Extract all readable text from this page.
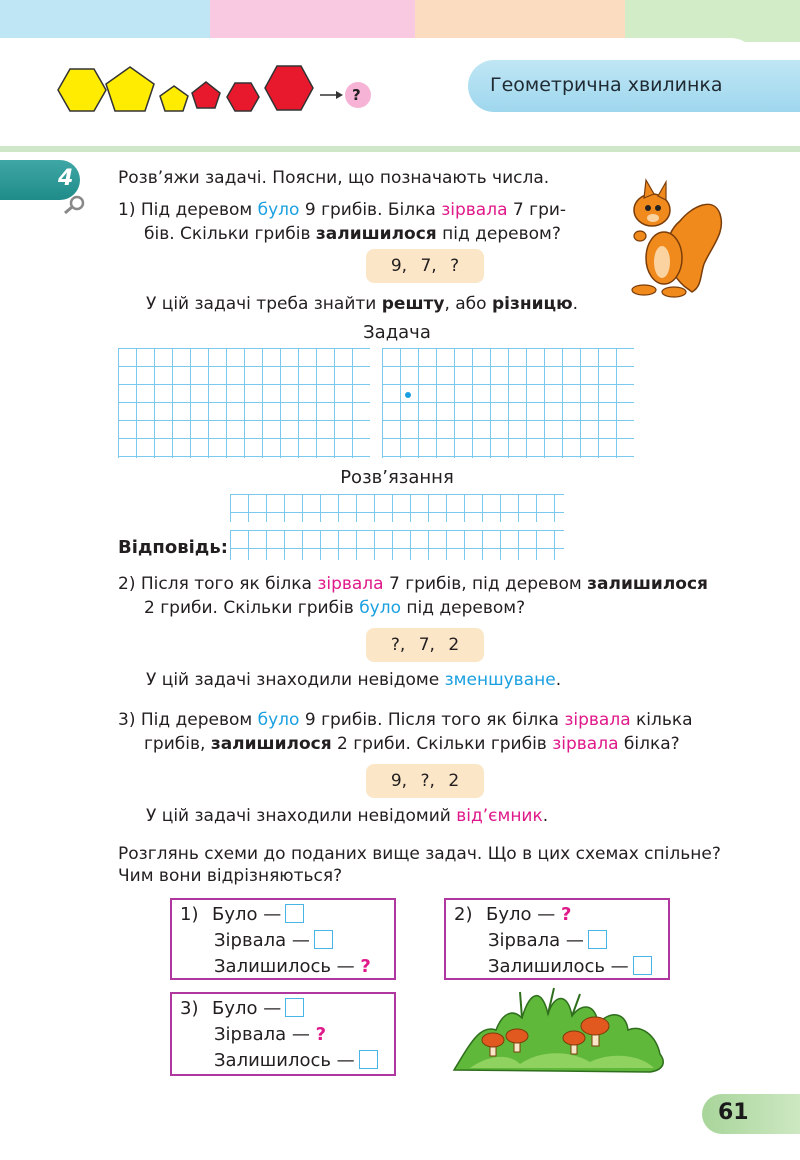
?	Геометрична хвилинка
4	Розв’яжи задачі. Поясни, що позначають числа.
1) Під деревом було 9 грибів. Білка зірвала 7 гри-
бів. Скільки грибів залишилося під деревом?
9, 7, ?
У цій задачі треба знайти решту, або різницю.
Задача
Розв’язання
Відповідь:
2) Після того як білка зірвала 7 грибів, під деревом залишилося
2 гриби. Скільки грибів було під деревом?
?, 7, 2
У цій задачі знаходили невідоме зменшуване.
3) Під деревом було 9 грибів. Після того як білка зірвала кілька
грибів, залишилося 2 гриби. Скільки грибів зірвала білка?
9, ?, 2
У цій задачі знаходили невідомий від’ємник.
Розглянь схеми до поданих вище задач. Що в цих схемах спільне?
Чим вони відрізняються?
1) Було —
Зірвала —
Залишилось — ?
2) Було — ?
Зірвала —
Залишилось —
3) Було —
Зірвала — ?
Залишилось —
61
